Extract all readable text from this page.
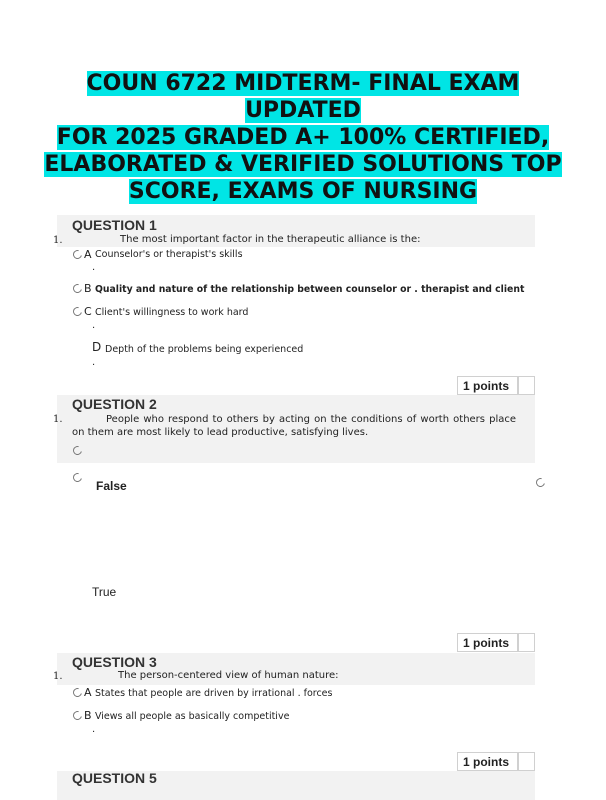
COUN 6722 MIDTERM- FINAL EXAM UPDATED
FOR 2025 GRADED A+ 100% CERTIFIED,
ELABORATED & VERIFIED SOLUTIONS TOP
SCORE, EXAMS OF NURSING
QUESTION 1
1.	The most important factor in the therapeutic alliance is the:
A Counselor's or therapist's skills
.
B Quality and nature of the relationship between counselor or . therapist and client
C Client's willingness to work hard
.
D Depth of the problems being experienced
.
1 points
QUESTION 2
1.	People who respond to others by acting on the conditions of worth others place on them are most likely to lead productive, satisfying lives.
False
True
1 points
QUESTION 3
1.	The person-centered view of human nature:
A States that people are driven by irrational . forces
B Views all people as basically competitive
.
1 points
QUESTION 5
